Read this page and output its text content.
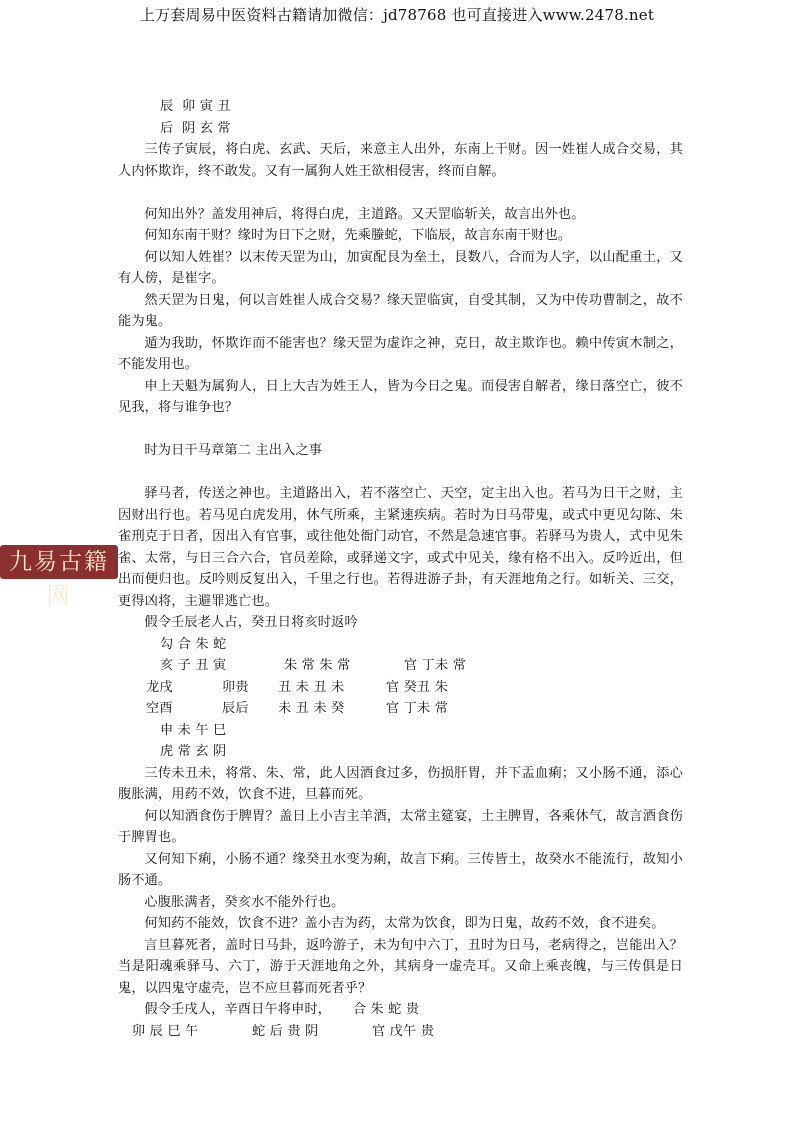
上万套周易中医资料古籍请加微信：jd78768 也可直接进入www.2478.net
九易古籍网
辰  卯 寅 丑
后  阴 玄 常

三传子寅辰，将白虎、玄武、天后，来意主人出外，东南上干财。因一姓崔人成合交易，其人内怀欺诈，终不敢发。又有一属狗人姓王欲相侵害，终而自解。

何知出外？盖发用神后，将得白虎，主道路。又天罡临斩关，故言出外也。

何知东南干财？缘时为日下之财，先乘螣蛇，下临辰，故言东南干财也。

何以知人姓崔？以末传天罡为山，加寅配艮为垒土，艮数八，合而为人字，以山配重土，又有人傍，是崔字。

然天罡为日鬼，何以言姓崔人成合交易？缘天罡临寅，自受其制，又为中传功曹制之，故不能为鬼。

遁为我助，怀欺诈而不能害也？缘天罡为虚诈之神，克日，故主欺诈也。赖中传寅木制之，不能发用也。

申上天魁为属狗人，日上大吉为姓王人，皆为今日之鬼。而侵害自解者，缘日落空亡，彼不见我，将与谁争也？

时为日干马章第二 主出入之事

驿马者，传送之神也。主道路出入，若不落空亡、天空，定主出入也。若马为日干之财，主因财出行也。若马见白虎发用，休气所乘，主紧速疾病。若时为日马带鬼，或式中更见勾陈、朱雀刑克于日者，因出入有官事，或往他处衙门动官，不然是急速官事。若驿马为贵人，式中见朱雀、太常，与日三合六合，官员差除，或驿递文字，或式中见关，缘有格不出入。反吟近出，但出而便归也。反吟则反复出入，千里之行也。若得进游子卦，有天涯地角之行。如斩关、三交，更得凶将，主避罪逃亡也。

假令壬辰老人占，癸丑日将亥时返吟

勾 合 朱 蛇
亥 子 丑 寅	朱 常 朱 常	官 丁未 常
龙戌	卯贵	丑 未 丑 未	官 癸丑 朱
空酉	辰后	未 丑 未 癸	官 丁未 常
申 未 午 巳
虎 常 玄 阴

三传未丑未，将常、朱、常，此人因酒食过多，伤损肝胃，并下盂血痢；又小肠不通，添心腹胀满，用药不效，饮食不进，旦暮而死。

何以知酒食伤于脾胃？盖日上小吉主羊酒，太常主筵宴，土主脾胃，各乘休气，故言酒食伤于脾胃也。

又何知下痢，小肠不通？缘癸丑水变为痢，故言下痢。三传皆土，故癸水不能流行，故知小肠不通。

心腹胀满者，癸亥水不能外行也。

何知药不能效，饮食不进？盖小吉为药，太常为饮食，即为日鬼，故药不效，食不进矣。

言旦暮死者，盖时日马卦，返吟游子，未为旬中六丁，丑时为日马，老病得之，岂能出入？当是阳魂乘驿马、六丁，游于天涯地角之外，其病身一虚壳耳。又命上乘丧魄，与三传俱是日鬼，以四鬼守虚壳，岂不应旦暮而死者乎？

假令壬戌人，辛酉日午将申时，     合 朱 蛇 贵

卯 辰 巳 午	蛇 后 贵 阴	官 戊午 贵
